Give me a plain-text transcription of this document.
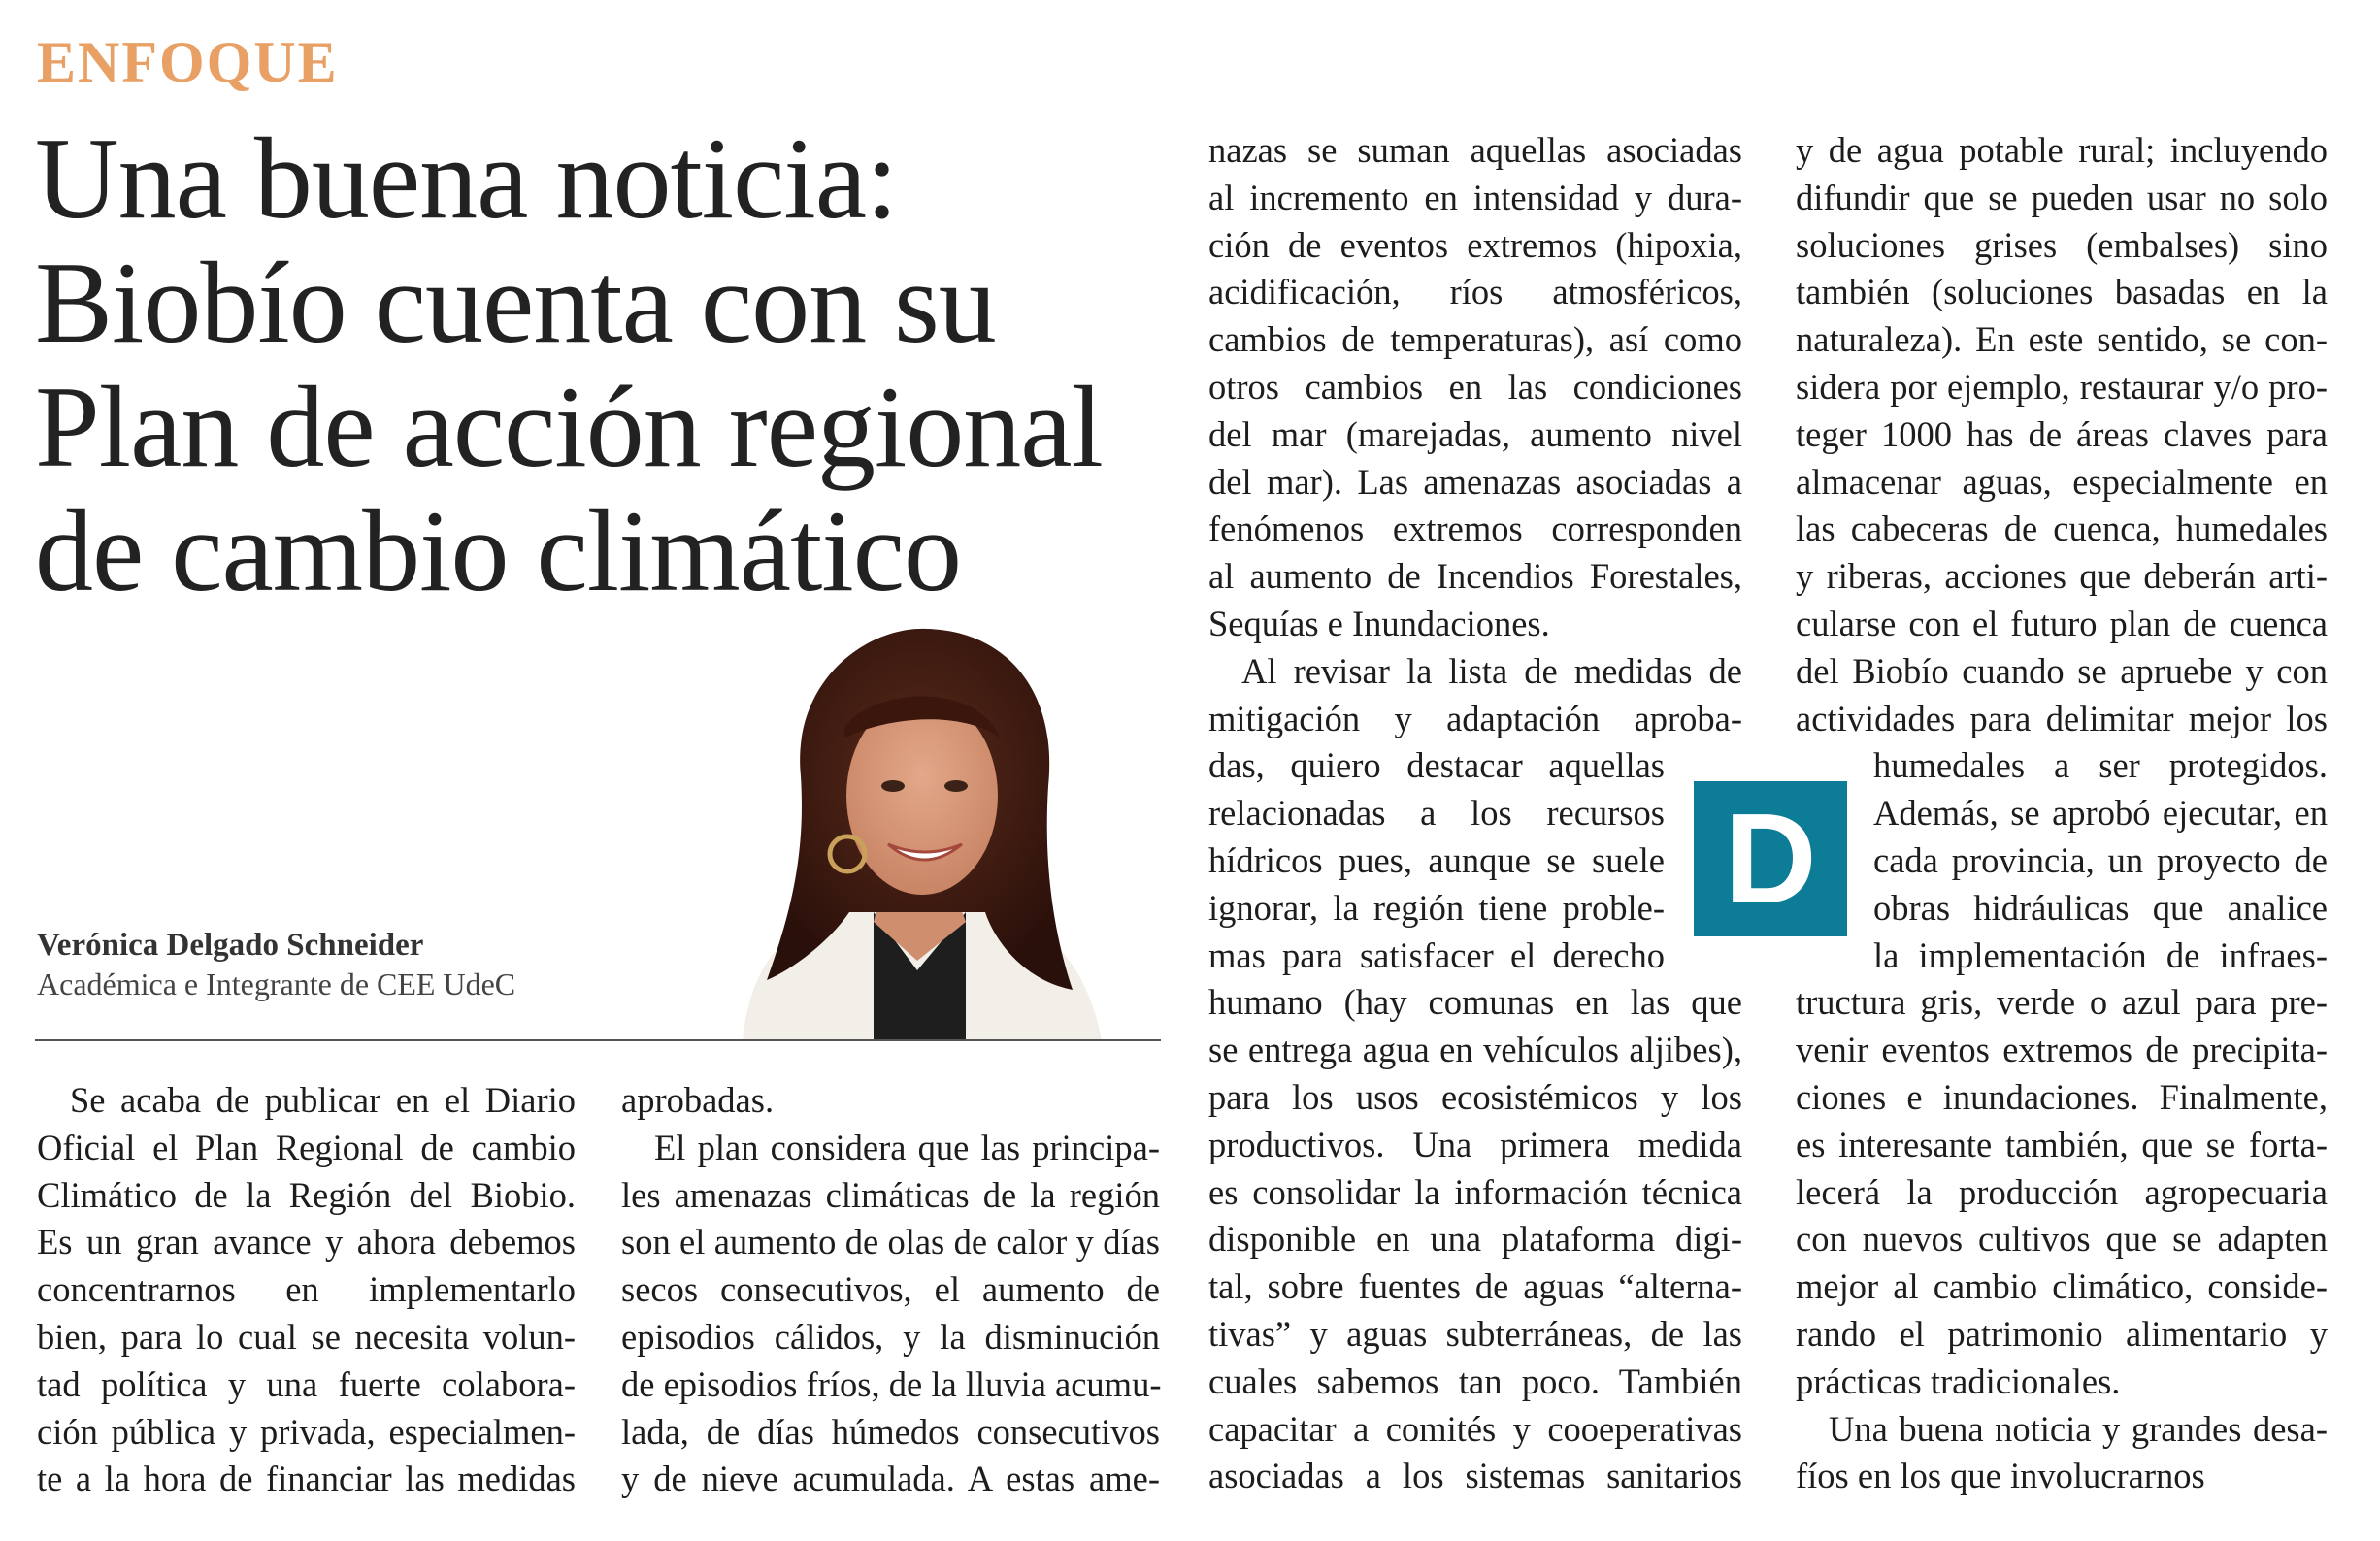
ENFOQUE
Una buena noticia:
Biobío cuenta con su
Plan de acción regional
de cambio climático
Verónica Delgado Schneider
Académica e Integrante de CEE UdeC

Se acaba de publicar en el Diario
Oficial el Plan Regional de cambio
Climático de la Región del Biobio.
Es un gran avance y ahora debemos
concentrarnos en implementarlo
bien, para lo cual se necesita volun-
tad política y una fuerte colabora-
ción pública y privada, especialmen-
te a la hora de financiar las medidas

aprobadas.

El plan considera que las principa-
les amenazas climáticas de la región
son el aumento de olas de calor y días
secos consecutivos, el aumento de
episodios cálidos, y la disminución
de episodios fríos, de la lluvia acumu-
lada, de días húmedos consecutivos
y de nieve acumulada. A estas ame-

nazas se suman aquellas asociadas
al incremento en intensidad y dura-
ción de eventos extremos (hipoxia,
acidificación, ríos atmosféricos,
cambios de temperaturas), así como
otros cambios en las condiciones
del mar (marejadas, aumento nivel
del mar). Las amenazas asociadas a
fenómenos extremos corresponden
al aumento de Incendios Forestales,
Sequías e Inundaciones.

Al revisar la lista de medidas de
mitigación y adaptación aproba-
das, quiero destacar aquellas
relacionadas a los recursos
hídricos pues, aunque se suele
ignorar, la región tiene proble-
mas para satisfacer el derecho
humano (hay comunas en las que
se entrega agua en vehículos aljibes),
para los usos ecosistémicos y los
productivos. Una primera medida
es consolidar la información técnica
disponible en una plataforma digi-
tal, sobre fuentes de aguas “alterna-
tivas” y aguas subterráneas, de las
cuales sabemos tan poco. También
capacitar a comités y cooeperativas
asociadas a los sistemas sanitarios

D

y de agua potable rural; incluyendo
difundir que se pueden usar no solo
soluciones grises (embalses) sino
también (soluciones basadas en la
naturaleza). En este sentido, se con-
sidera por ejemplo, restaurar y/o pro-
teger 1000 has de áreas claves para
almacenar aguas, especialmente en
las cabeceras de cuenca, humedales
y riberas, acciones que deberán arti-
cularse con el futuro plan de cuenca
del Biobío cuando se apruebe y con
actividades para delimitar mejor los
humedales a ser protegidos.

Además, se aprobó ejecutar, en
cada provincia, un proyecto de
obras hidráulicas que analice
la implementación de infraes-
tructura gris, verde o azul para pre-
venir eventos extremos de precipita-
ciones e inundaciones. Finalmente,
es interesante también, que se forta-
lecerá la producción agropecuaria
con nuevos cultivos que se adapten
mejor al cambio climático, conside-
rando el patrimonio alimentario y
prácticas tradicionales.

Una buena noticia y grandes desa-
fíos en los que involucrarnos
